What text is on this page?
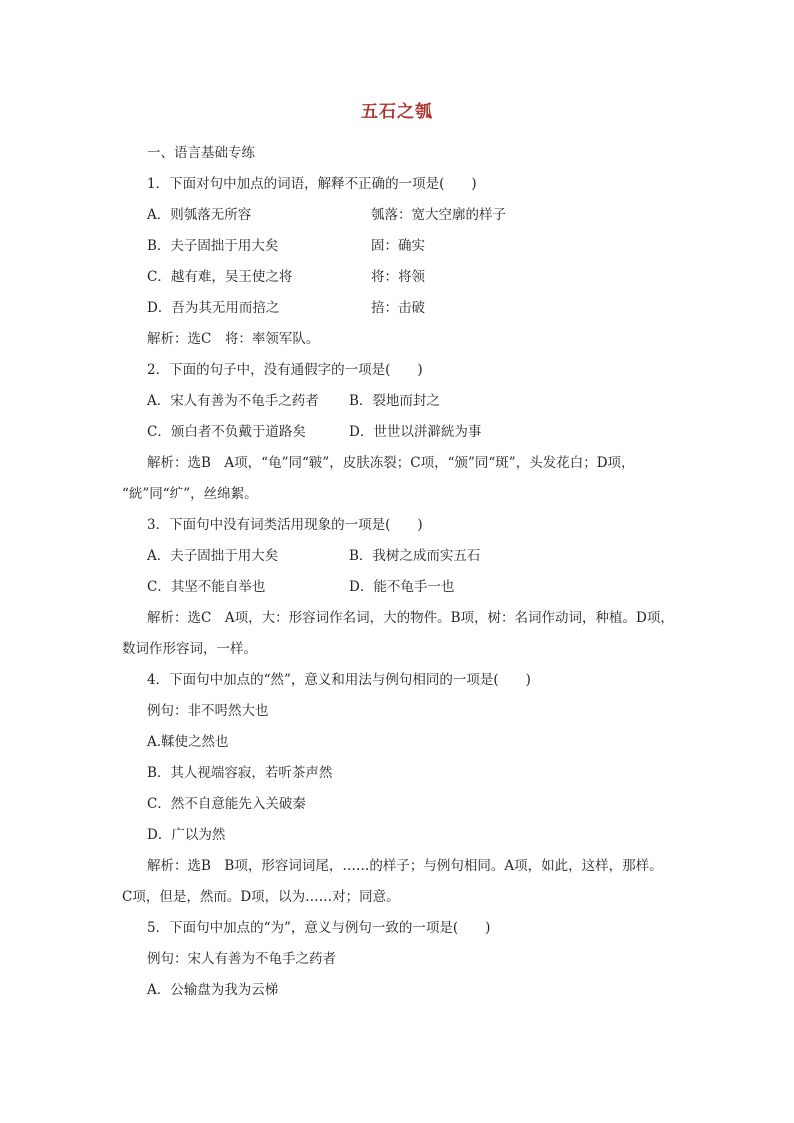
五石之瓠
一、语言基础专练
1．下面对句中加点的词语，解释不正确的一项是(　　)
A．则瓠落无所容	瓠落：宽大空廓的样子
B．夫子固拙于用大矣	固：确实
C．越有难，吴王使之将	将：将领
D．吾为其无用而掊之	掊：击破
解析：选C　将：率领军队。
2．下面的句子中，没有通假字的一项是(　　)
A．宋人有善为不龟手之药者	B．裂地而封之
C．颁白者不负戴于道路矣	D．世世以洴澼絖为事
解析：选B　A项，“龟”同“皲”，皮肤冻裂；C项，“颁”同“斑”，头发花白；D项，
“絖”同“纩”，丝绵絮。
3．下面句中没有词类活用现象的一项是(　　)
A．夫子固拙于用大矣	B．我树之成而实五石
C．其坚不能自举也	D．能不龟手一也
解析：选C　A项，大：形容词作名词，大的物件。B项，树：名词作动词，种植。D项，
数词作形容词，一样。
4．下面句中加点的“然”，意义和用法与例句相同的一项是(　　)
例句：非不呺然大也
A.鞣使之然也
B．其人视端容寂，若听茶声然
C．然不自意能先入关破秦
D．广以为然
解析：选B　B项，形容词词尾，……的样子；与例句相同。A项，如此，这样，那样。
C项，但是，然而。D项，以为……对；同意。
5．下面句中加点的“为”，意义与例句一致的一项是(　　)
例句：宋人有善为不龟手之药者
A．公输盘为我为云梯
